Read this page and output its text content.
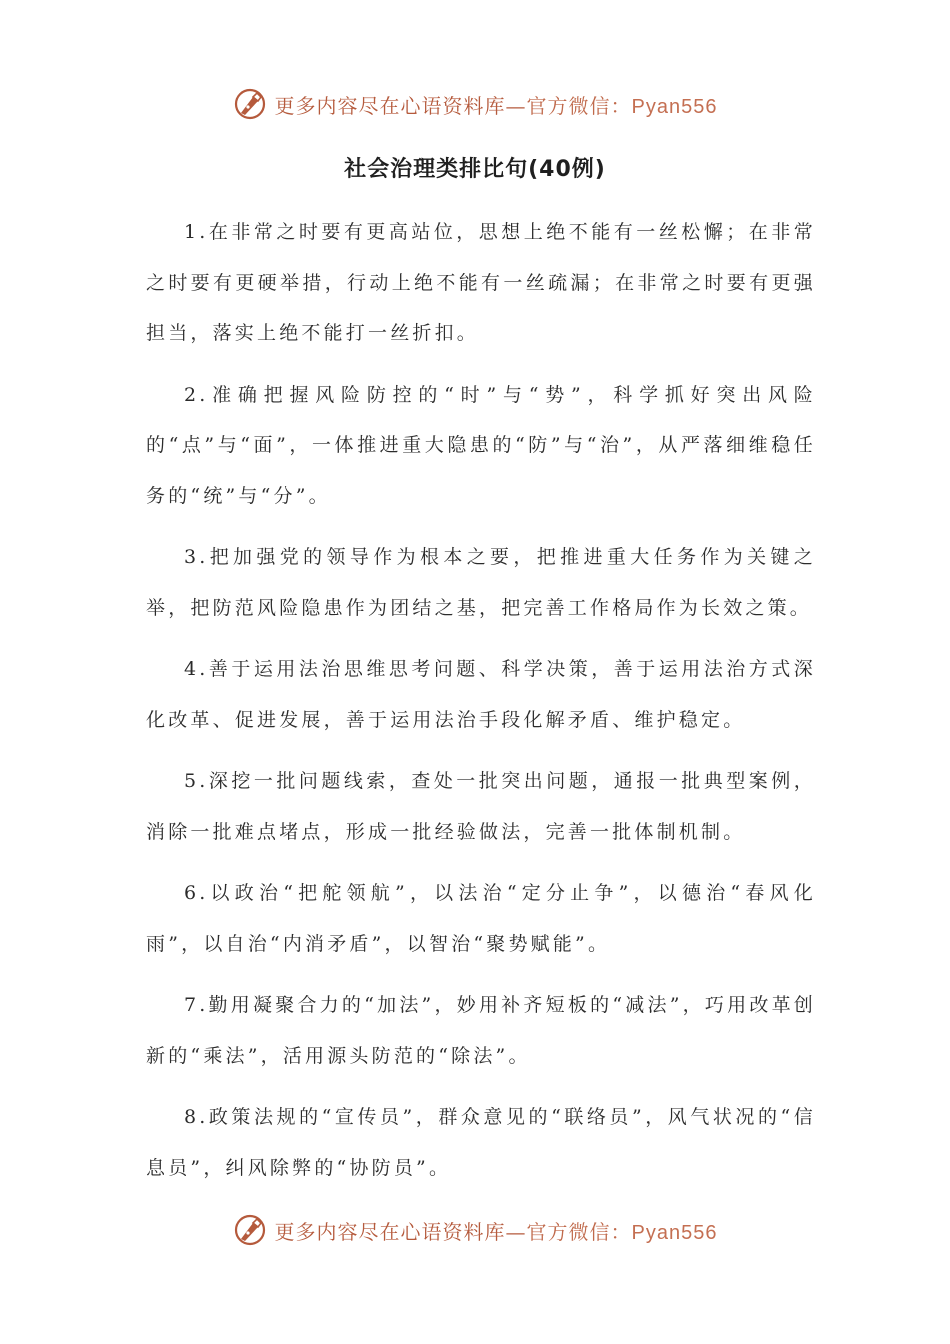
更多内容尽在心语资料库—官方微信：Pyan556
社会治理类排比句(40例)

1.在非常之时要有更高站位，思想上绝不能有一丝松懈；在非常之时要有更硬举措，行动上绝不能有一丝疏漏；在非常之时要有更强担当，落实上绝不能打一丝折扣。

2.准确把握风险防控的“时”与“势”，科学抓好突出风险的“点”与“面”，一体推进重大隐患的“防”与“治”，从严落细维稳任务的“统”与“分”。

3.把加强党的领导作为根本之要，把推进重大任务作为关键之举，把防范风险隐患作为团结之基，把完善工作格局作为长效之策。

4.善于运用法治思维思考问题、科学决策，善于运用法治方式深化改革、促进发展，善于运用法治手段化解矛盾、维护稳定。

5.深挖一批问题线索，查处一批突出问题，通报一批典型案例，消除一批难点堵点，形成一批经验做法，完善一批体制机制。

6.以政治“把舵领航”，以法治“定分止争”，以德治“春风化雨”，以自治“内消矛盾”，以智治“聚势赋能”。

7.勤用凝聚合力的“加法”，妙用补齐短板的“减法”，巧用改革创新的“乘法”，活用源头防范的“除法”。

8.政策法规的“宣传员”，群众意见的“联络员”，风气状况的“信息员”，纠风除弊的“协防员”。

更多内容尽在心语资料库—官方微信：Pyan556
